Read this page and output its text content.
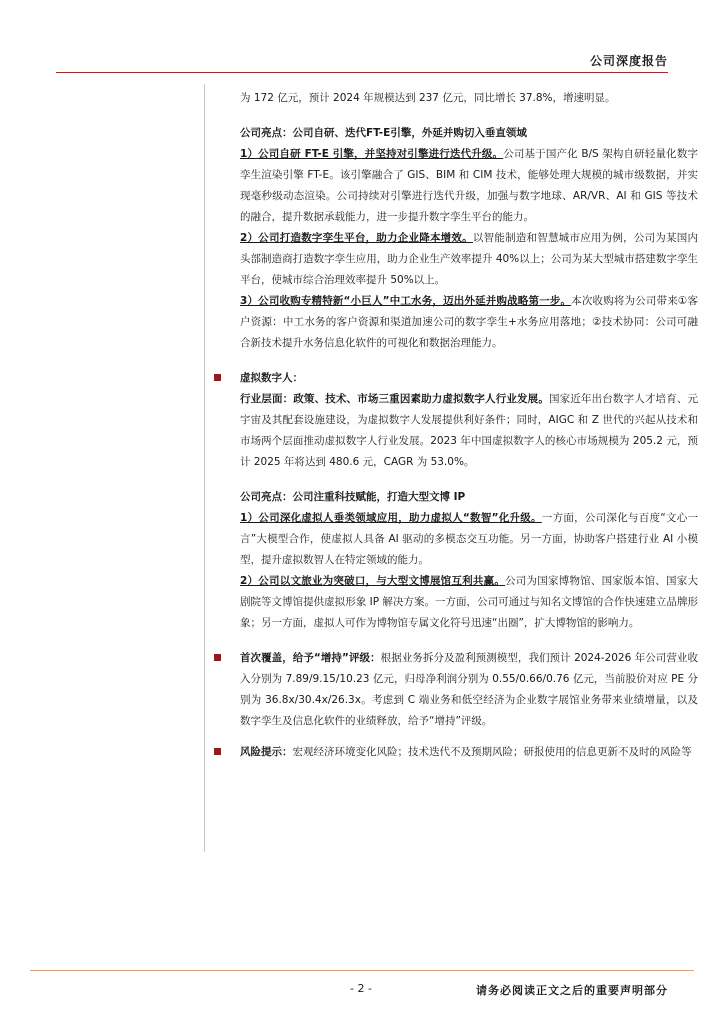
公司深度报告

为 172 亿元，预计 2024 年规模达到 237 亿元，同比增长 37.8%，增速明显。

公司亮点：公司自研、迭代FT-E引擎，外延并购切入垂直领域

1）公司自研 FT-E 引擎，并坚持对引擎进行迭代升级。公司基于国产化 B/S 架构自研轻量化数字孪生渲染引擎 FT-E。该引擎融合了 GIS、BIM 和 CIM 技术，能够处理大规模的城市级数据，并实现毫秒级动态渲染。公司持续对引擎进行迭代升级，加强与数字地球、AR/VR、AI 和 GIS 等技术的融合，提升数据承载能力，进一步提升数字孪生平台的能力。

2）公司打造数字孪生平台，助力企业降本增效。以智能制造和智慧城市应用为例，公司为某国内头部制造商打造数字孪生应用，助力企业生产效率提升 40%以上；公司为某大型城市搭建数字孪生平台，使城市综合治理效率提升 50%以上。

3）公司收购专精特新“小巨人”中工水务，迈出外延并购战略第一步。本次收购将为公司带来①客户资源：中工水务的客户资源和渠道加速公司的数字孪生+水务应用落地；②技术协同：公司可融合新技术提升水务信息化软件的可视化和数据治理能力。

虚拟数字人：

行业层面：政策、技术、市场三重因素助力虚拟数字人行业发展。国家近年出台数字人才培育、元宇宙及其配套设施建设，为虚拟数字人发展提供利好条件；同时，AIGC 和 Z 世代的兴起从技术和市场两个层面推动虚拟数字人行业发展。2023 年中国虚拟数字人的核心市场规模为 205.2 元，预计 2025 年将达到 480.6 元，CAGR 为 53.0%。

公司亮点：公司注重科技赋能，打造大型文博 IP

1）公司深化虚拟人垂类领域应用，助力虚拟人“数智”化升级。一方面，公司深化与百度“文心一言”大模型合作，使虚拟人具备 AI 驱动的多模态交互功能。另一方面，协助客户搭建行业 AI 小模型，提升虚拟数智人在特定领域的能力。

2）公司以文旅业为突破口，与大型文博展馆互利共赢。公司为国家博物馆、国家版本馆、国家大剧院等文博馆提供虚拟形象 IP 解决方案。一方面，公司可通过与知名文博馆的合作快速建立品牌形象；另一方面，虚拟人可作为博物馆专属文化符号迅速“出圈”，扩大博物馆的影响力。

首次覆盖，给予“增持”评级：根据业务拆分及盈利预测模型，我们预计 2024-2026 年公司营业收入分别为 7.89/9.15/10.23 亿元，归母净利润分别为 0.55/0.66/0.76 亿元，当前股价对应 PE 分别为 36.8x/30.4x/26.3x。考虑到 C 端业务和低空经济为企业数字展馆业务带来业绩增量，以及数字孪生及信息化软件的业绩释放，给予“增持”评级。

风险提示：宏观经济环境变化风险；技术迭代不及预期风险；研报使用的信息更新不及时的风险等

- 2 -	请务必阅读正文之后的重要声明部分
